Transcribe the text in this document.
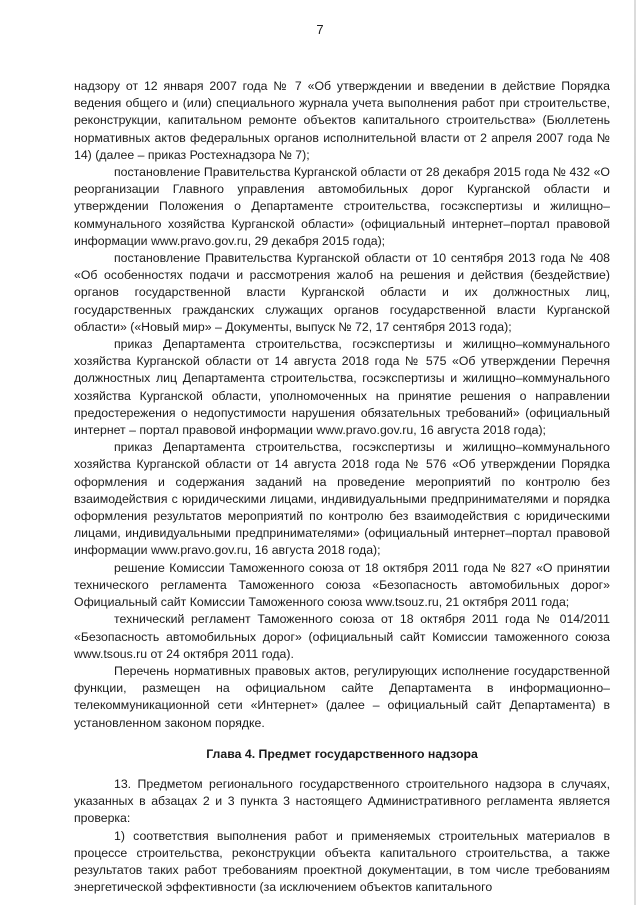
7

надзору от 12 января 2007 года № 7 «Об утверждении и введении в действие Порядка ведения общего и (или) специального журнала учета выполнения работ при строительстве, реконструкции, капитальном ремонте объектов капитального строительства» (Бюллетень нормативных актов федеральных органов исполнительной власти от 2 апреля 2007 года № 14) (далее – приказ Ростехнадзора № 7);

постановление Правительства Курганской области от 28 декабря 2015 года № 432 «О реорганизации Главного управления автомобильных дорог Курганской области и утверждении Положения о Департаменте строительства, госэкспертизы и жилищно–коммунального хозяйства Курганской области» (официальный интернет–портал правовой информации www.pravo.gov.ru, 29 декабря 2015 года);

постановление Правительства Курганской области от 10 сентября 2013 года № 408 «Об особенностях подачи и рассмотрения жалоб на решения и действия (бездействие) органов государственной власти Курганской области и их должностных лиц, государственных гражданских служащих органов государственной власти Курганской области» («Новый мир» – Документы, выпуск № 72, 17 сентября 2013 года);

приказ Департамента строительства, госэкспертизы и жилищно–коммунального хозяйства Курганской области от 14 августа 2018 года № 575 «Об утверждении Перечня должностных лиц Департамента строительства, госэкспертизы и жилищно–коммунального хозяйства Курганской области, уполномоченных на принятие решения о направлении предостережения о недопустимости нарушения обязательных требований» (официальный интернет – портал правовой информации www.pravo.gov.ru, 16 августа 2018 года);

приказ Департамента строительства, госэкспертизы и жилищно–коммунального хозяйства Курганской области от 14 августа 2018 года № 576 «Об утверждении Порядка оформления и содержания заданий на проведение мероприятий по контролю без взаимодействия с юридическими лицами, индивидуальными предпринимателями и порядка оформления результатов мероприятий по контролю без взаимодействия с юридическими лицами, индивидуальными предпринимателями» (официальный интернет–портал правовой информации www.pravo.gov.ru, 16 августа 2018 года);

решение Комиссии Таможенного союза от 18 октября 2011 года № 827 «О принятии технического регламента Таможенного союза «Безопасность автомобильных дорог» Официальный сайт Комиссии Таможенного союза www.tsouz.ru, 21 октября 2011 года;

технический регламент Таможенного союза от 18 октября 2011 года № 014/2011 «Безопасность автомобильных дорог» (официальный сайт Комиссии таможенного союза www.tsous.ru от 24 октября 2011 года).

Перечень нормативных правовых актов, регулирующих исполнение государственной функции, размещен на официальном сайте Департамента в информационно–телекоммуникационной сети «Интернет» (далее – официальный сайт Департамента) в установленном законом порядке.

Глава 4. Предмет государственного надзора

13. Предметом регионального государственного строительного надзора в случаях, указанных в абзацах 2 и 3 пункта 3 настоящего Административного регламента является проверка:

1) соответствия выполнения работ и применяемых строительных материалов в процессе строительства, реконструкции объекта капитального строительства, а также результатов таких работ требованиям проектной документации, в том числе требованиям энергетической эффективности (за исключением объектов капитального
